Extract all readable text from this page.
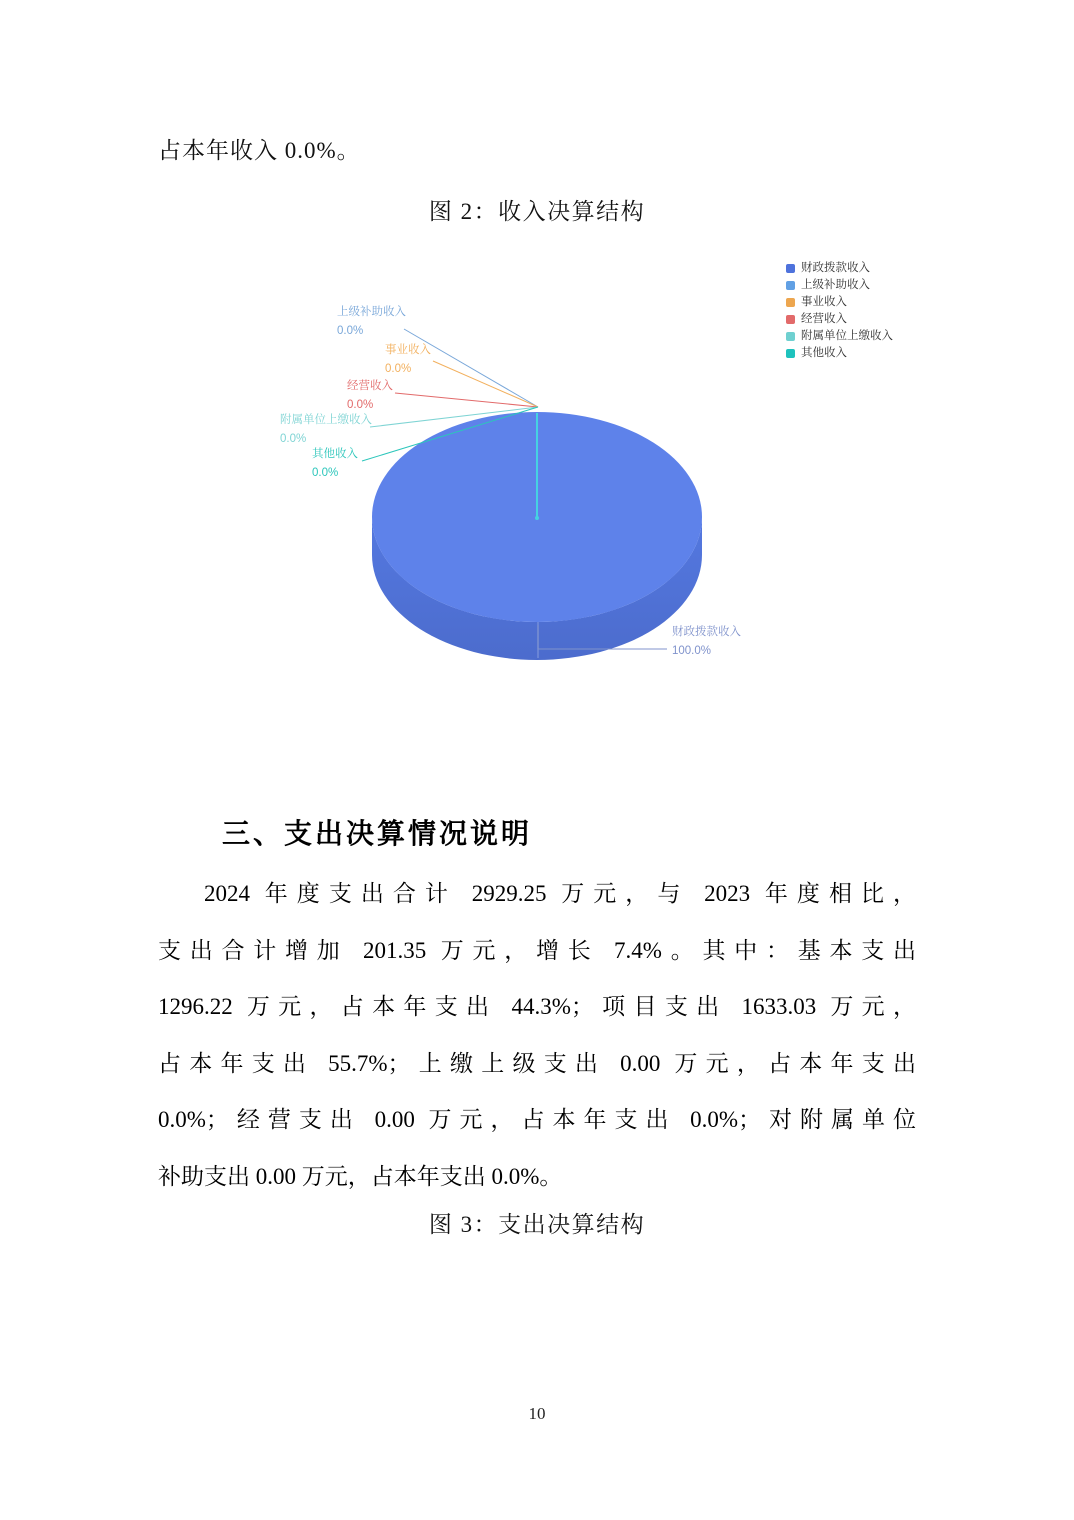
占本年收入 0.0%。
图 2：收入决算结构
财政拨款收入
上级补助收入
事业收入
经营收入
附属单位上缴收入
其他收入
上级补助收入
0.0%
事业收入
0.0%
经营收入
0.0%
附属单位上缴收入
0.0%
其他收入
0.0%
财政拨款收入
100.0%
三、支出决算情况说明
2024 年度支出合计 2929.25 万元，与 2023 年度相比，
支出合计增加 201.35 万元，增长 7.4%。其中：基本支出
1296.22 万元，占本年支出 44.3%；项目支出 1633.03 万元，
占本年支出 55.7%；上缴上级支出 0.00 万元，占本年支出
0.0%；经营支出 0.00 万元，占本年支出 0.0%；对附属单位
补助支出 0.00 万元，占本年支出 0.0%。
图 3：支出决算结构
10
